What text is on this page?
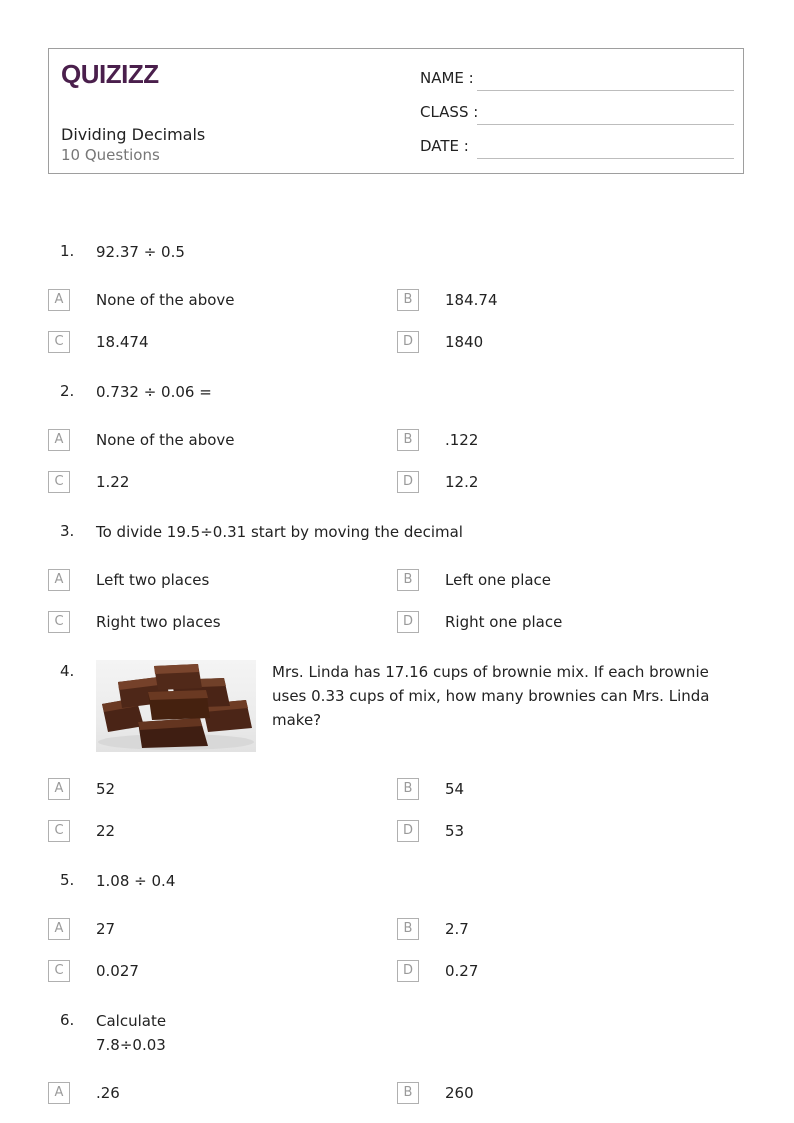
QUIZIZZ
Dividing Decimals
10 Questions
NAME :
CLASS :
DATE :
1. 92.37 ÷ 0.5
A	None of the above	B	184.74
C	18.474	D	1840
2. 0.732 ÷ 0.06 =
A	None of the above	B	.122
C	1.22	D	12.2
3. To divide 19.5÷0.31 start by moving the decimal
A	Left two places	B	Left one place
C	Right two places	D	Right one place
4.	Mrs. Linda has 17.16 cups of brownie mix. If each brownie uses 0.33 cups of mix, how many brownies can Mrs. Linda make?
A	52	B	54
C	22	D	53
5. 1.08 ÷ 0.4
A	27	B	2.7
C	0.027	D	0.27
6. Calculate
7.8÷0.03
A	.26	B	260
